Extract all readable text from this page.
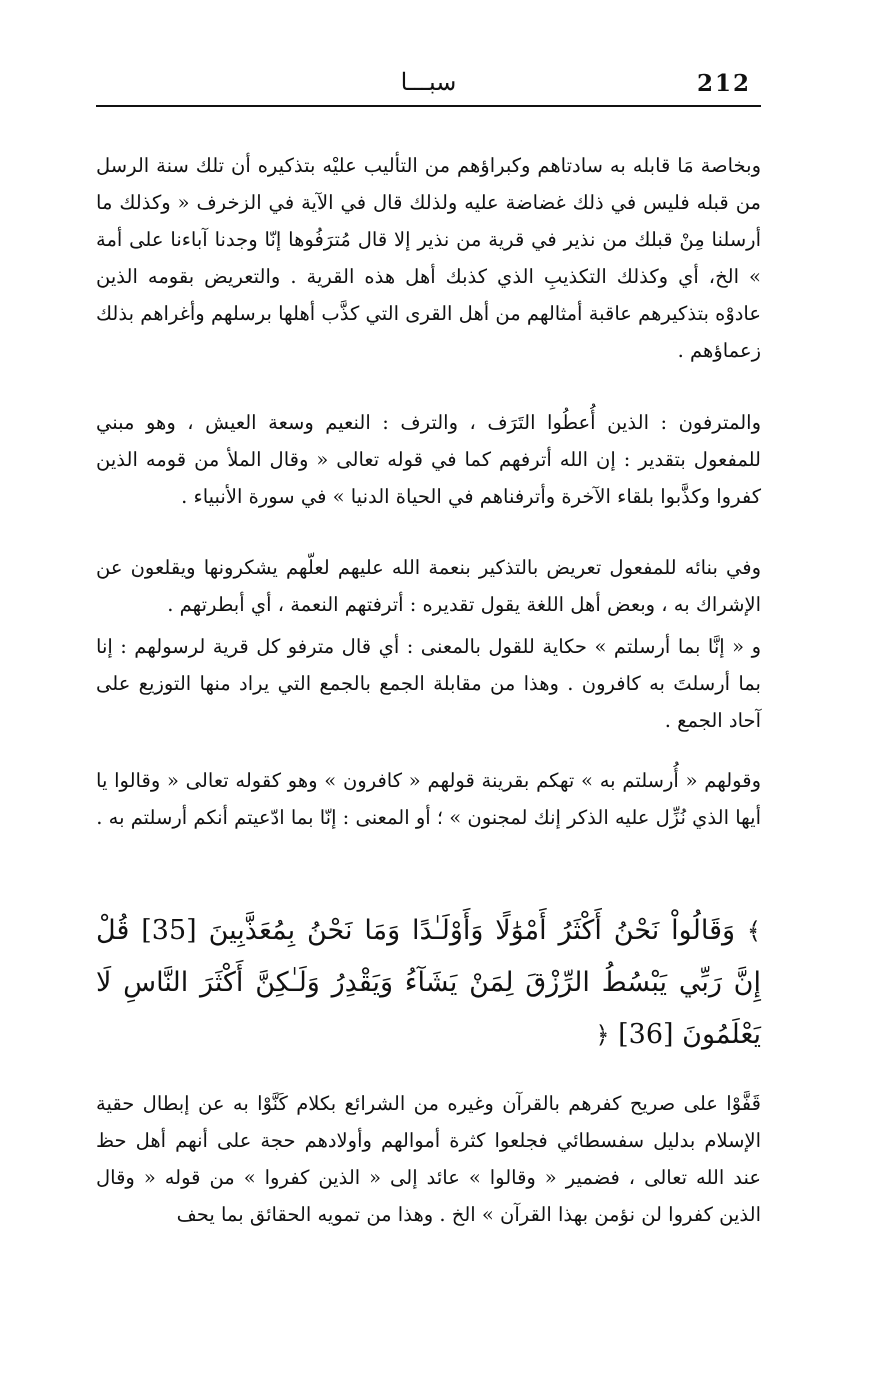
سبـــا	212

وبخاصة مَا قابله به سادتاهم وكبراؤهم من التأليب عليْه بتذكيره أن تلك سنة الرسل من قبله فليس في ذلك غضاضة عليه ولذلك قال في الآية في الزخرف « وكذلك ما أرسلنا مِنْ قبلك من نذير في قرية من نذير إلا قال مُترَفُوها إنّا وجدنا آباءنا على أمة » الخ، أي وكذلك التكذيبِ الذي كذبك أهل هذه القرية . والتعريض بقومه الذين عادوْه بتذكيرهم عاقبة أمثالهم من أهل القرى التي كذَّب أهلها برسلهم وأغراهم بذلك زعماؤهم .

والمترفون : الذين أُعطُوا التَرَف ، والترف : النعيم وسعة العيش ، وهو مبني للمفعول بتقدير : إن الله أترفهم كما في قوله تعالى « وقال الملأ من قومه الذين كفروا وكذَّبوا بلقاء الآخرة وأترفناهم في الحياة الدنيا » في سورة الأنبياء .

وفي بنائه للمفعول تعريض بالتذكير بنعمة الله عليهم لعلّهم يشكرونها ويقلعون عن الإشراك به ، وبعض أهل اللغة يقول تقديره : أترفتهم النعمة ، أي أبطرتهم .

و « إنَّا بما أرسلتم » حكاية للقول بالمعنى : أي قال مترفو كل قرية لرسولهم : إنا بما أرسلتَ به كافرون . وهذا من مقابلة الجمع بالجمع التي يراد منها التوزيع على آحاد الجمع .

وقولهم « أُرسلتم به » تهكم بقرينة قولهم « كافرون » وهو كقوله تعالى « وقالوا يا أيها الذي نُزِّل عليه الذكر إنك لمجنون » ؛ أو المعنى : إنّا بما ادّعيتم أنكم أرسلتم به .

﴾ وَقَالُواْ نَحْنُ أَكْثَرُ أَمْوَٰلًا وَأَوْلَـٰدًا وَمَا نَحْنُ بِمُعَذَّبِينَ [35] قُلْ إِنَّ رَبِّي يَبْسُطُ الرِّزْقَ لِمَنْ يَشَآءُ وَيَقْدِرُ وَلَـٰكِنَّ أَكْثَرَ النَّاسِ لَا يَعْلَمُونَ [36] ﴿

قَفَّوْا على صريح كفرهم بالقرآن وغيره من الشرائع بكلام كَنَّوْا به عن إبطال حقية الإسلام بدليل سفسطائي فجلعوا كثرة أموالهم وأولادهم حجة على أنهم أهل حظ عند الله تعالى ، فضمير « وقالوا » عائد إلى « الذين كفروا » من قوله « وقال الذين كفروا لن نؤمن بهذا القرآن » الخ . وهذا من تمويه الحقائق بما يحف
